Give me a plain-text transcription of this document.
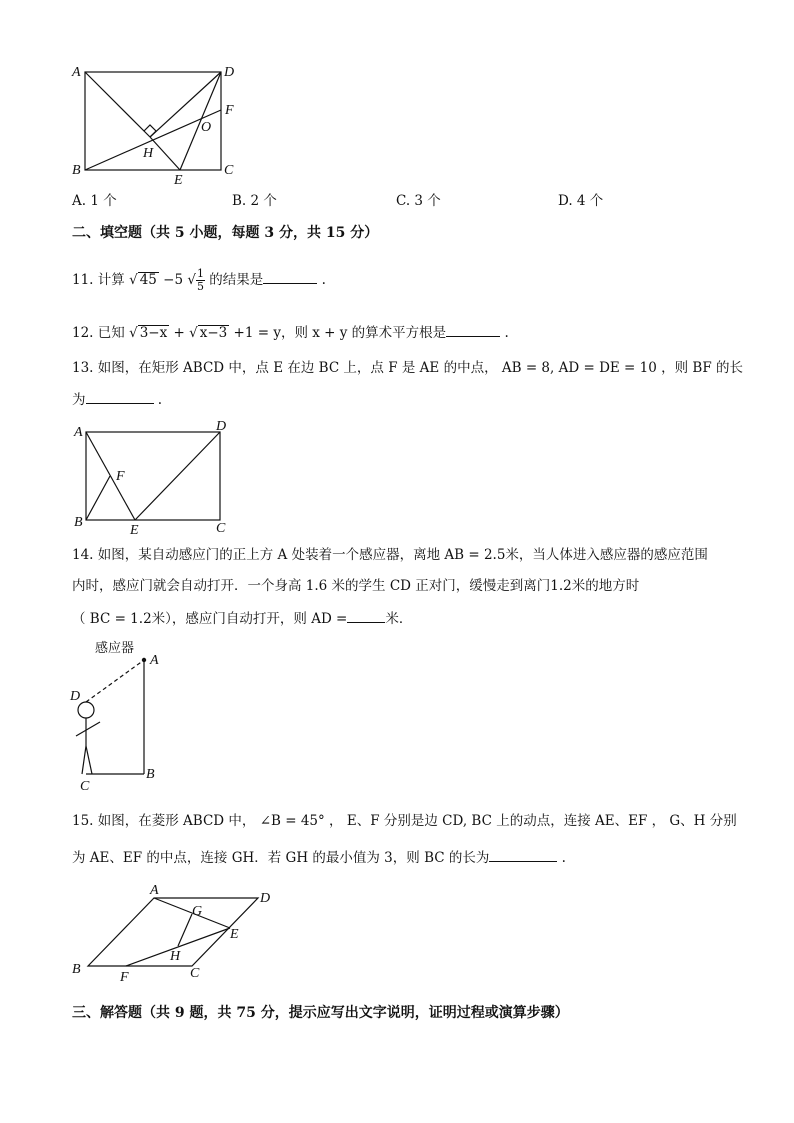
A	D
F
O
H
B
E
C
A. 1 个	B. 2 个	C. 3 个	D. 4 个
二、填空题（共 5 小题，每题 3 分，共 15 分）
11. 计算 √ 45 −5 √ $\frac{1}{5}$ 的结果是	.
12. 已知 √ 3−x + √ x−3 +1 = y，则 x + y 的算术平方根是	.
13. 如图，在矩形 ABCD 中，点 E 在边 BC 上，点 F 是 AE 的中点， AB = 8, AD = DE = 10 ，则 BF 的长
为	.
A	D
F
B
E	C
14. 如图，某自动感应门的正上方 A 处装着一个感应器，离地 AB = 2.5米，当人体进入感应器的感应范围
内时，感应门就会自动打开．一个身高 1.6 米的学生 CD 正对门，缓慢走到离门1.2米的地方时
（ BC = 1.2米），感应门自动打开，则 AD =	米．
感应器
A
D
B
C
15. 如图，在菱形 ABCD 中， ∠B = 45° ， E、F 分别是边 CD, BC 上的动点，连接 AE、EF ， G、H 分别
为 AE、EF 的中点，连接 GH．若 GH 的最小值为 3，则 BC 的长为	.
A
D
G
E
H
B
F	C
三、解答题（共 9 题，共 75 分，提示应写出文字说明，证明过程或演算步骤）
